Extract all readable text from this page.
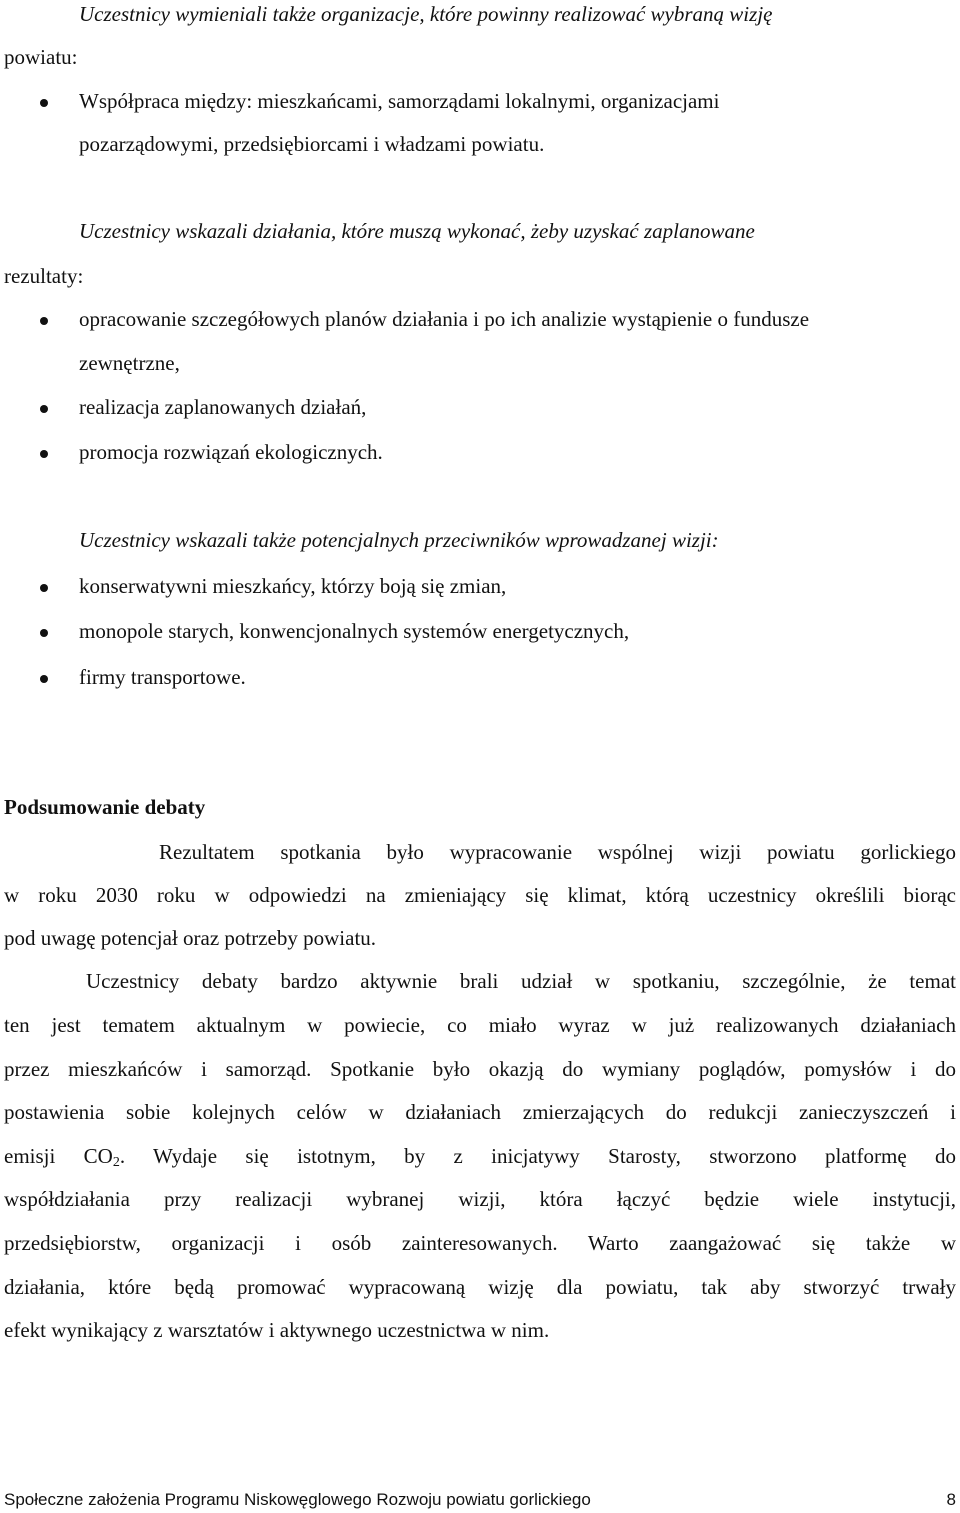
Uczestnicy wymieniali także organizacje, które powinny realizować wybraną wizję
powiatu:
Współpraca między: mieszkańcami, samorządami lokalnymi, organizacjami
pozarządowymi, przedsiębiorcami i władzami powiatu.
Uczestnicy wskazali działania, które muszą wykonać, żeby uzyskać zaplanowane
rezultaty:
opracowanie szczegółowych planów działania i po ich analizie wystąpienie o fundusze
zewnętrzne,
realizacja zaplanowanych działań,
promocja rozwiązań ekologicznych.
Uczestnicy wskazali także potencjalnych przeciwników wprowadzanej wizji:
konserwatywni mieszkańcy, którzy boją się zmian,
monopole starych, konwencjonalnych systemów energetycznych,
firmy transportowe.
Podsumowanie debaty
Rezultatem spotkania było wypracowanie wspólnej wizji powiatu gorlickiego
w roku 2030 roku w odpowiedzi na zmieniający się klimat, którą uczestnicy określili biorąc
pod uwagę potencjał oraz potrzeby powiatu.
Uczestnicy debaty bardzo aktywnie brali udział w spotkaniu, szczególnie, że temat
ten jest tematem aktualnym w powiecie, co miało wyraz w już realizowanych działaniach
przez mieszkańców i samorząd. Spotkanie było okazją do wymiany poglądów, pomysłów i do
postawienia sobie kolejnych celów w działaniach zmierzających do redukcji zanieczyszczeń i
emisji $CO_2$. Wydaje się istotnym, by z inicjatywy Starosty, stworzono platformę do
współdziałania przy realizacji wybranej wizji, która łączyć będzie wiele instytucji,
przedsiębiorstw, organizacji i osób zainteresowanych. Warto zaangażować się także w
działania, które będą promować wypracowaną wizję dla powiatu, tak aby stworzyć trwały
efekt wynikający z warsztatów i aktywnego uczestnictwa w nim.
Społeczne założenia Programu Niskowęglowego Rozwoju powiatu gorlickiego	8
